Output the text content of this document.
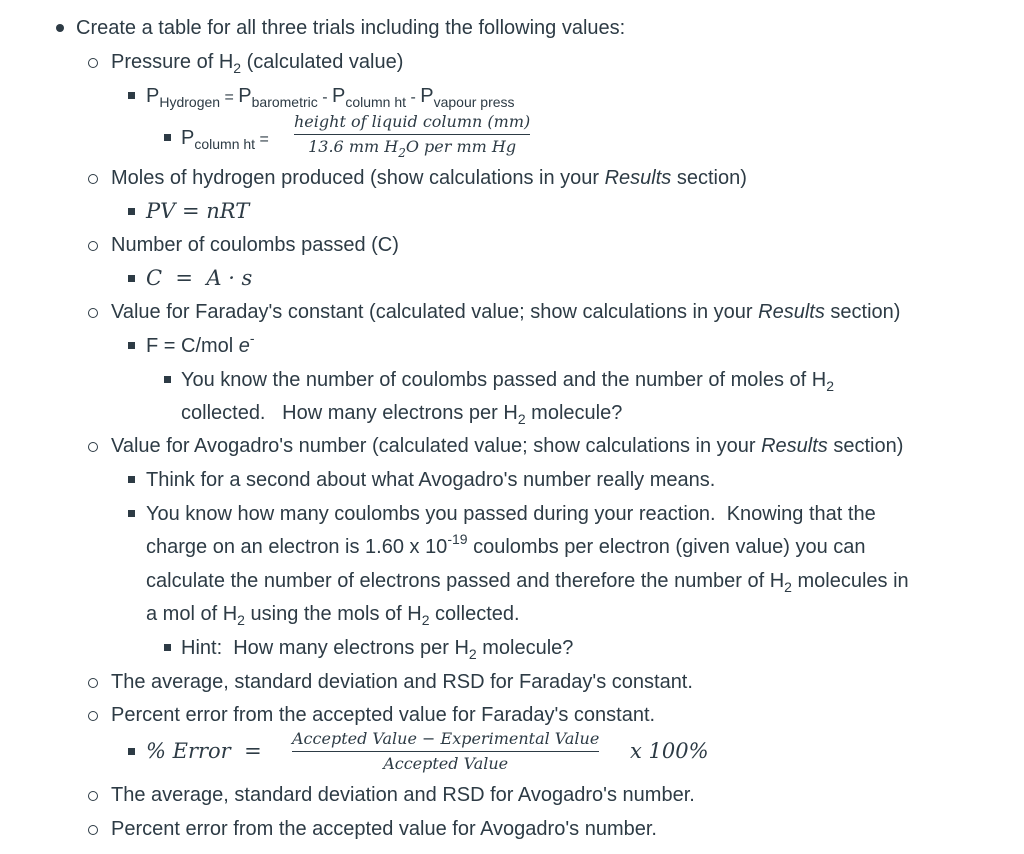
Create a table for all three trials including the following values:
Pressure of $H_2$ (calculated value)
$P_{Hydrogen} = P_{barometric} - P_{column ht} - P_{vapour press}$
$P_{column ht}$ =
height of liquid column (mm)
13.6 mm $H_2O$ per mm Hg
Moles of hydrogen produced (show calculations in your Results section)
PV = nRT
Number of coulombs passed (C)
C  =  A · s
Value for Faraday's constant (calculated value; show calculations in your Results section)
F = C/mol e-
You know the number of coulombs passed and the number of moles of $H_2$
collected.   How many electrons per $H_2$ molecule?
Value for Avogadro's number (calculated value; show calculations in your Results section)
Think for a second about what Avogadro's number really means.
You know how many coulombs you passed during your reaction.  Knowing that the
charge on an electron is 1.60 x $10^{-19}$ coulombs per electron (given value) you can
calculate the number of electrons passed and therefore the number of $H_2$ molecules in
a mol of $H_2$ using the mols of $H_2$ collected.
Hint:  How many electrons per $H_2$ molecule?
The average, standard deviation and RSD for Faraday's constant.
Percent error from the accepted value for Faraday's constant.
% Error  =
Accepted Value − Experimental Value
Accepted Value
x 100%
The average, standard deviation and RSD for Avogadro's number.
Percent error from the accepted value for Avogadro's number.
